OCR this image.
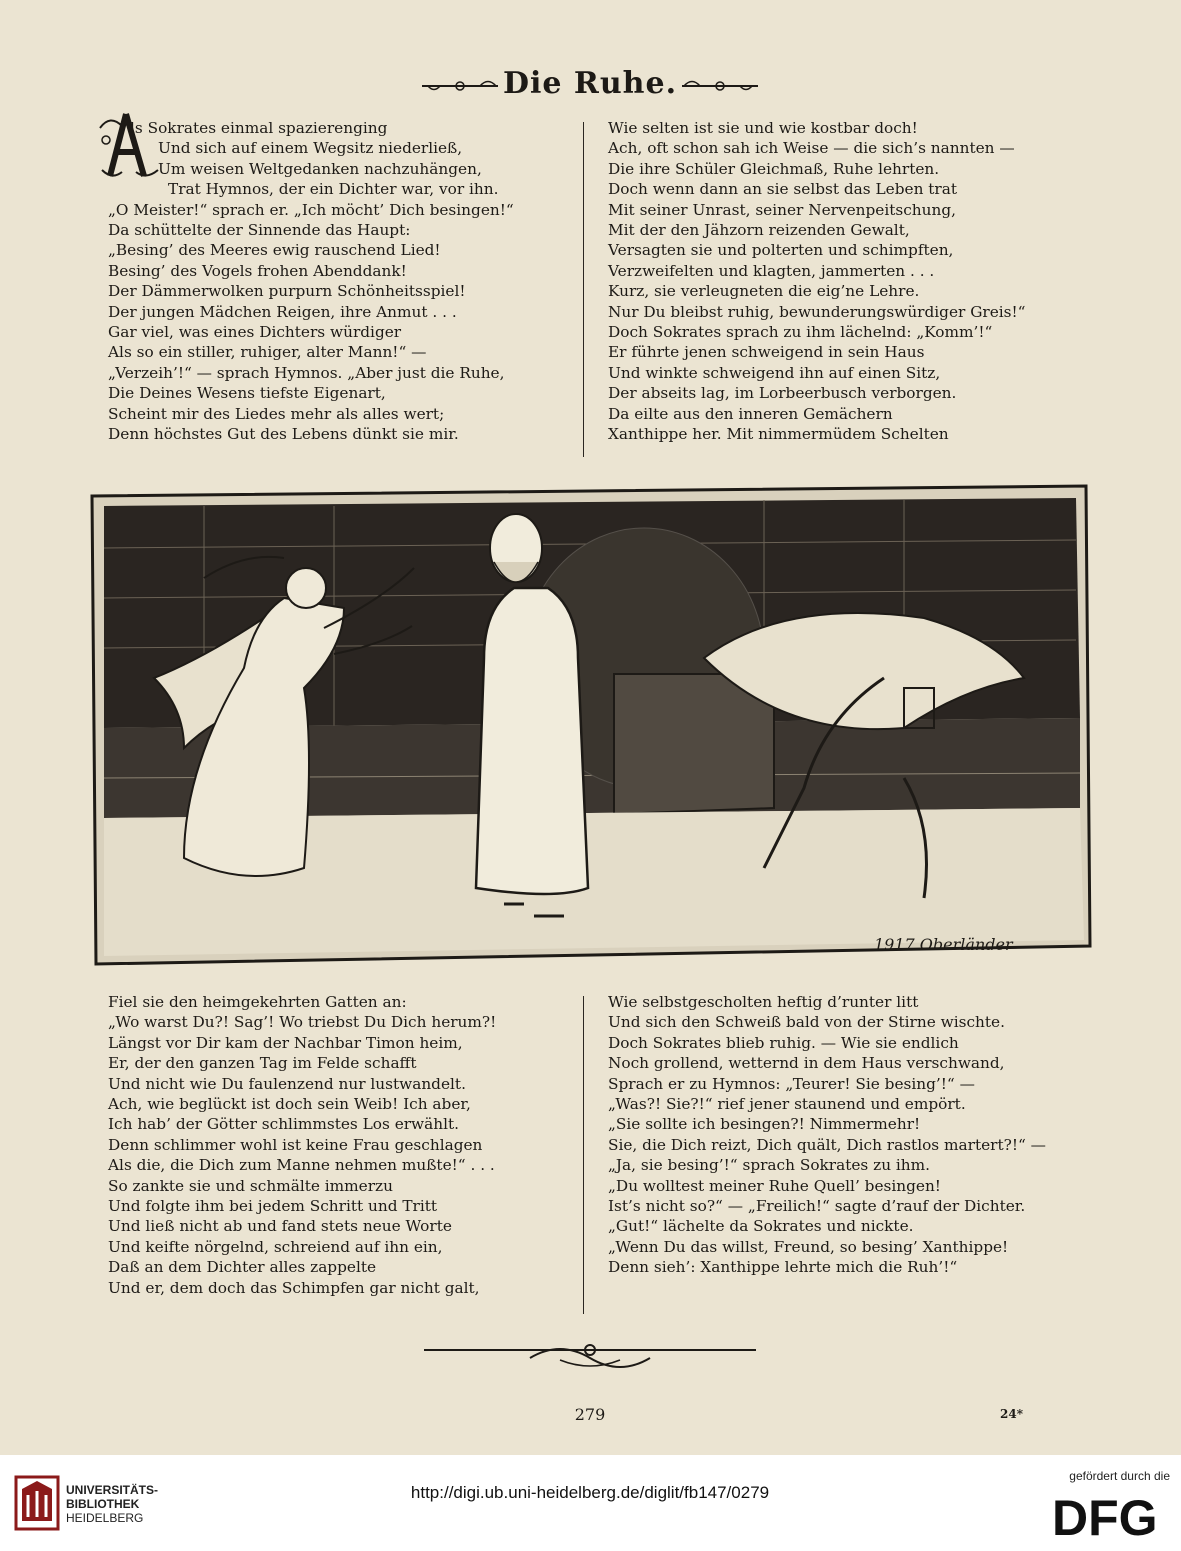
Die Ruhe.

ls Sokrates einmal spazierenging

Und sich auf einem Wegsitz niederließ,

Um weisen Weltgedanken nachzuhängen,

Trat Hymnos, der ein Dichter war, vor ihn.

„O Meister!“ sprach er. „Ich möcht’ Dich besingen!“

Da schüttelte der Sinnende das Haupt:

„Besing’ des Meeres ewig rauschend Lied!

Besing’ des Vogels frohen Abenddank!

Der Dämmerwolken purpurn Schönheitsspiel!

Der jungen Mädchen Reigen, ihre Anmut . . .

Gar viel, was eines Dichters würdiger

Als so ein stiller, ruhiger, alter Mann!“ —

„Verzeih’!“ — sprach Hymnos. „Aber just die Ruhe,

Die Deines Wesens tiefste Eigenart,

Scheint mir des Liedes mehr als alles wert;

Denn höchstes Gut des Lebens dünkt sie mir.

Wie selten ist sie und wie kostbar doch!

Ach, oft schon sah ich Weise — die sich’s nannten —

Die ihre Schüler Gleichmaß, Ruhe lehrten.

Doch wenn dann an sie selbst das Leben trat

Mit seiner Unrast, seiner Nervenpeitschung,

Mit der den Jähzorn reizenden Gewalt,

Versagten sie und polterten und schimpften,

Verzweifelten und klagten, jammerten . . .

Kurz, sie verleugneten die eig’ne Lehre.

Nur Du bleibst ruhig, bewunderungswürdiger Greis!“

Doch Sokrates sprach zu ihm lächelnd: „Komm’!“

Er führte jenen schweigend in sein Haus

Und winkte schweigend ihn auf einen Sitz,

Der abseits lag, im Lorbeerbusch verborgen.

Da eilte aus den inneren Gemächern

Xanthippe her. Mit nimmermüdem Schelten

1917 Oberländer

Fiel sie den heimgekehrten Gatten an:

„Wo warst Du?! Sag’! Wo triebst Du Dich herum?!

Längst vor Dir kam der Nachbar Timon heim,

Er, der den ganzen Tag im Felde schafft

Und nicht wie Du faulenzend nur lustwandelt.

Ach, wie beglückt ist doch sein Weib! Ich aber,

Ich hab’ der Götter schlimmstes Los erwählt.

Denn schlimmer wohl ist keine Frau geschlagen

Als die, die Dich zum Manne nehmen mußte!“ . . .

So zankte sie und schmälte immerzu

Und folgte ihm bei jedem Schritt und Tritt

Und ließ nicht ab und fand stets neue Worte

Und keifte nörgelnd, schreiend auf ihn ein,

Daß an dem Dichter alles zappelte

Und er, dem doch das Schimpfen gar nicht galt,

Wie selbstgescholten heftig d’runter litt

Und sich den Schweiß bald von der Stirne wischte.

Doch Sokrates blieb ruhig. — Wie sie endlich

Noch grollend, wetternd in dem Haus verschwand,

Sprach er zu Hymnos: „Teurer! Sie besing’!“ —

„Was?! Sie?!“ rief jener staunend und empört.

„Sie sollte ich besingen?! Nimmermehr!

Sie, die Dich reizt, Dich quält, Dich rastlos martert?!“ —

„Ja, sie besing’!“ sprach Sokrates zu ihm.

„Du wolltest meiner Ruhe Quell’ besingen!

Ist’s nicht so?“ — „Freilich!“ sagte d’rauf der Dichter.

„Gut!“ lächelte da Sokrates und nickte.

„Wenn Du das willst, Freund, so besing’ Xanthippe!

Denn sieh’: Xanthippe lehrte mich die Ruh’!“

279	24*
UNIVERSITÄTS-
BIBLIOTHEK
HEIDELBERG
http://digi.ub.uni-heidelberg.de/diglit/fb147/0279
gefördert durch die
DFG
